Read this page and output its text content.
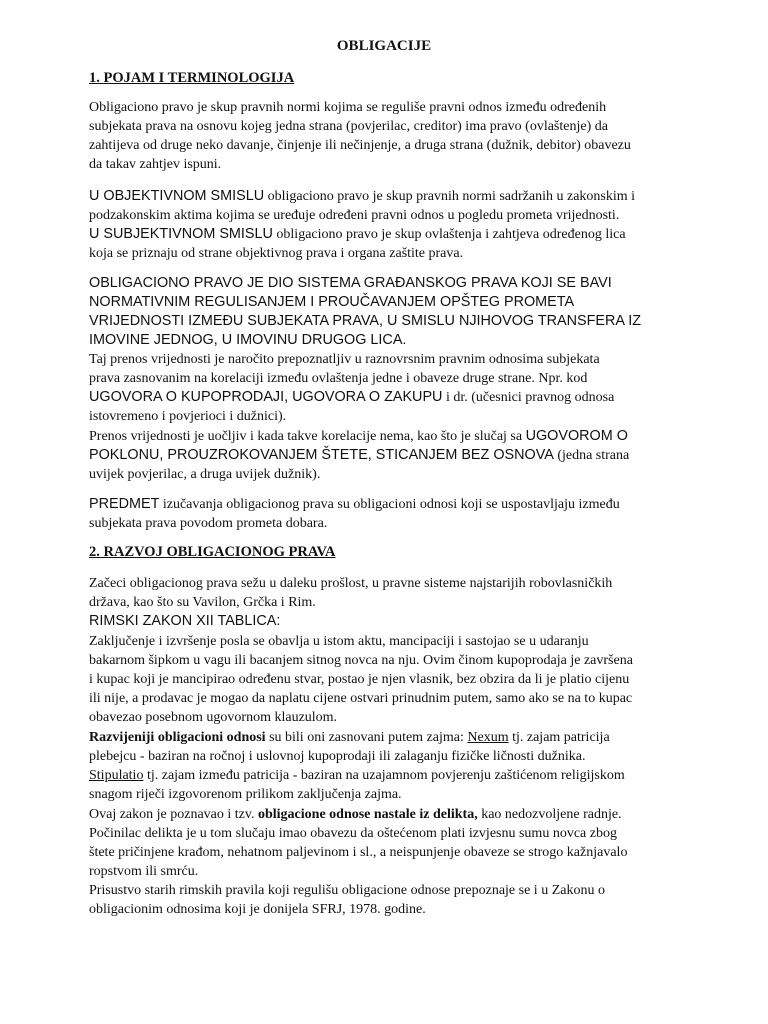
OBLIGACIJE
1. POJAM I TERMINOLOGIJA
Obligaciono pravo je skup pravnih normi kojima se reguliše pravni odnos između određenih
subjekata prava na osnovu kojeg jedna strana (povjerilac, creditor) ima pravo (ovlaštenje) da
zahtijeva od druge neko davanje, činjenje ili nečinjenje, a druga strana (dužnik, debitor) obavezu
da takav zahtjev ispuni.
U OBJEKTIVNOM SMISLU obligaciono pravo je skup pravnih normi sadržanih u zakonskim i
podzakonskim aktima kojima se uređuje određeni pravni odnos u pogledu prometa vrijednosti.
U SUBJEKTIVNOM SMISLU obligaciono pravo je skup ovlaštenja i zahtjeva određenog lica
koja se priznaju od strane objektivnog prava i organa zaštite prava.
OBLIGACIONO PRAVO JE DIO SISTEMA GRAĐANSKOG PRAVA KOJI SE BAVI
NORMATIVNIM REGULISANJEM I PROUČAVANJEM OPŠTEG PROMETA
VRIJEDNOSTI IZMEĐU SUBJEKATA PRAVA, U SMISLU NJIHOVOG TRANSFERA IZ
IMOVINE JEDNOG, U IMOVINU DRUGOG LICA.
Taj prenos vrijednosti je naročito prepoznatljiv u raznovrsnim pravnim odnosima subjekata
prava zasnovanim na korelaciji između ovlaštenja jedne i obaveze druge strane. Npr. kod
UGOVORA O KUPOPRODAJI, UGOVORA O ZAKUPU i dr. (učesnici pravnog odnosa
istovremeno i povjerioci i dužnici).
Prenos vrijednosti je uočljiv i kada takve korelacije nema, kao što je slučaj sa UGOVOROM O
POKLONU, PROUZROKOVANJEM ŠTETE, STICANJEM BEZ OSNOVA (jedna strana
uvijek povjerilac, a druga uvijek dužnik).
PREDMET izučavanja obligacionog prava su obligacioni odnosi koji se uspostavljaju između
subjekata prava povodom prometa dobara.
2. RAZVOJ OBLIGACIONOG PRAVA
Začeci obligacionog prava sežu u daleku prošlost, u pravne sisteme najstarijih robovlasničkih
država, kao što su Vavilon, Grčka i Rim.
RIMSKI ZAKON XII TABLICA:
Zaključenje i izvršenje posla se obavlja u istom aktu, mancipaciji i sastojao se u udaranju
bakarnom šipkom u vagu ili bacanjem sitnog novca na nju. Ovim činom kupoprodaja je završena
i kupac koji je mancipirao određenu stvar, postao je njen vlasnik, bez obzira da li je platio cijenu
ili nije, a prodavac je mogao da naplatu cijene ostvari prinudnim putem, samo ako se na to kupac
obavezao posebnom ugovornom klauzulom.
Razvijeniji obligacioni odnosi su bili oni zasnovani putem zajma: Nexum tj. zajam patricija
plebejcu - baziran na ročnoj i uslovnoj kupoprodaji ili zalaganju fizičke ličnosti dužnika.
Stipulatio tj. zajam između patricija - baziran na uzajamnom povjerenju zaštićenom religijskom
snagom riječi izgovorenom prilikom zaključenja zajma.
Ovaj zakon je poznavao i tzv. obligacione odnose nastale iz delikta, kao nedozvoljene radnje.
Počinilac delikta je u tom slučaju imao obavezu da oštećenom plati izvjesnu sumu novca zbog
štete pričinjene krađom, nehatnom paljevinom i sl., a neispunjenje obaveze se strogo kažnjavalo
ropstvom ili smrću.
Prisustvo starih rimskih pravila koji regulišu obligacione odnose prepoznaje se i u Zakonu o
obligacionim odnosima koji je donijela SFRJ, 1978. godine.
